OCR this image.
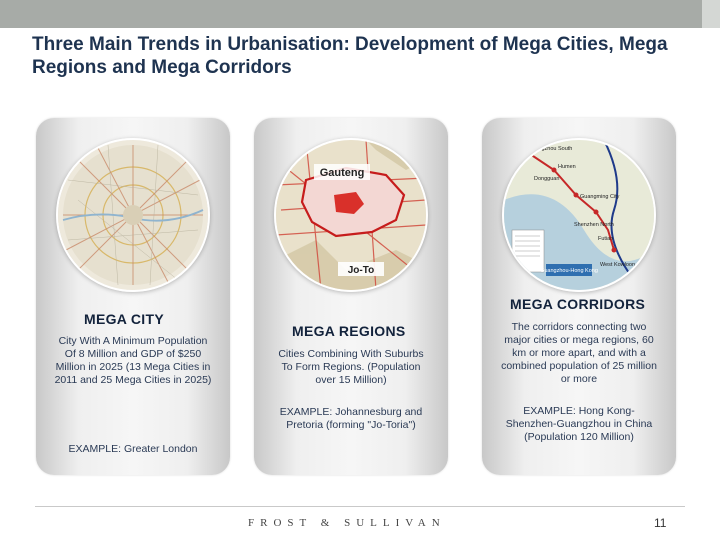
Three Main Trends in Urbanisation: Development of Mega Cities, Mega Regions and Mega Corridors
MEGA CITY
City With A Minimum Population Of 8 Million and GDP of $250 Million in 2025 (13 Mega Cities in 2011 and 25 Mega Cities in 2025)
EXAMPLE: Greater London
Gauteng
Jo-To
MEGA REGIONS
Cities Combining With Suburbs To Form Regions. (Population over 15 Million)
EXAMPLE: Johannesburg and Pretoria (forming "Jo-Toria")
Guangzhou South
Humen
Dongguan
Guangming City
Shenzhen North
Futian
West Kowloon
Guangzhou-Hong Kong
MEGA CORRIDORS
The corridors connecting two major cities or mega regions, 60 km or more apart, and with a combined population of 25 million or more
EXAMPLE: Hong Kong-Shenzhen-Guangzhou in China (Population 120 Million)
FROST & SULLIVAN	11
